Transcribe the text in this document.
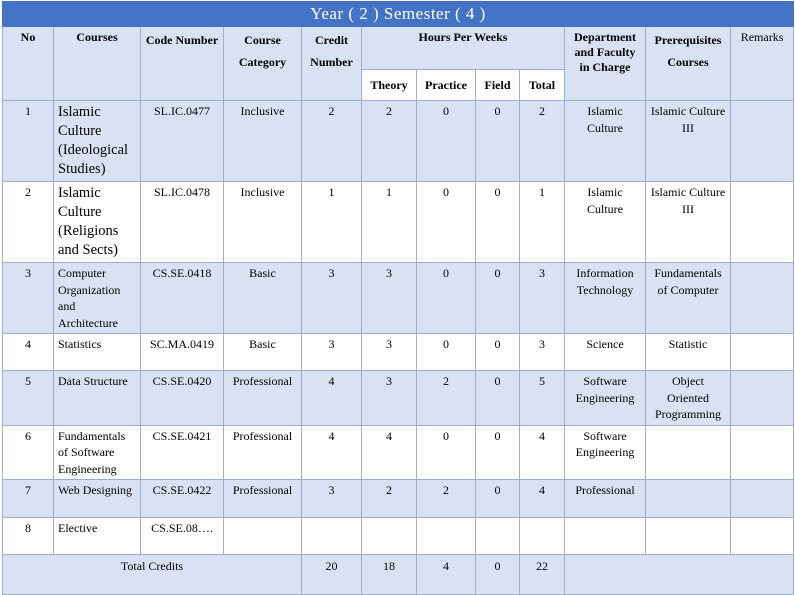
Year ( 2 ) Semester ( 4 )											
No	Courses	Code Number	Course Category	Credit Number	Hours Per Weeks				Department and Faculty in Charge	Prerequisites Courses	Remarks
					Theory	Practice	Field	Total			
1	Islamic Culture (Ideological Studies)	SL.IC.0477	Inclusive	2	2	0	0	2	Islamic Culture	Islamic Culture III	
2	Islamic Culture (Religions and Sects)	SL.IC.0478	Inclusive	1	1	0	0	1	Islamic Culture	Islamic Culture III	
3	Computer Organization and Architecture	CS.SE.0418	Basic	3	3	0	0	3	Information Technology	Fundamentals of Computer	
4	Statistics	SC.MA.0419	Basic	3	3	0	0	3	Science	Statistic	
5	Data Structure	CS.SE.0420	Professional	4	3	2	0	5	Software Engineering	Object Oriented Programming	
6	Fundamentals of Software Engineering	CS.SE.0421	Professional	4	4	0	0	4	Software Engineering		
7	Web Designing	CS.SE.0422	Professional	3	2	2	0	4	Professional		
8	Elective	CS.SE.08….									
Total Credits				20	18	4	0	22			
